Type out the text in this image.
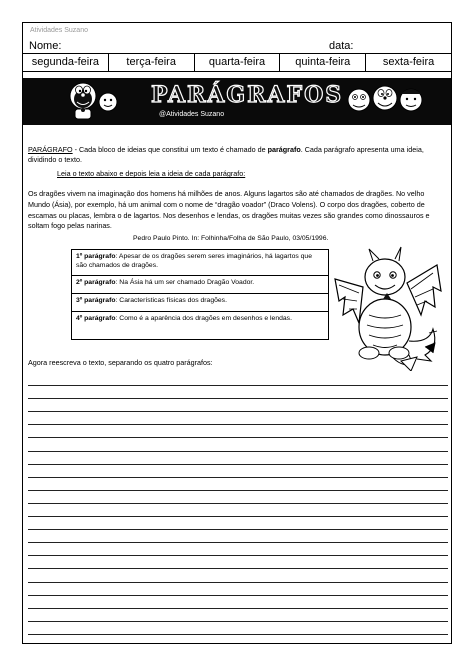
Atividades Suzano
Nome:	data:
segunda-feira	terça-feira	quarta-feira	quinta-feira	sexta-feira
PARÁGRAFOS
@Atividades Suzano
PARÁGRAFO - Cada bloco de ideias que constitui um texto é chamado de parágrafo. Cada parágrafo apresenta uma ideia, dividindo o texto.
Leia o texto abaixo e depois leia a ideia de cada parágrafo:
Os dragões vivem na imaginação dos homens há milhões de anos. Alguns lagartos são até chamados de dragões. No velho Mundo (Ásia), por exemplo, há um animal com o nome de “dragão voador” (Draco Volens). O corpo dos dragões, coberto de escamas ou placas, lembra o de lagartos. Nos desenhos e lendas, os dragões muitas vezes são grandes como dinossauros e soltam fogo pelas narinas.
Pedro Paulo Pinto. In: Folhinha/Folha de São Paulo, 03/05/1996.
1º parágrafo: Apesar de os dragões serem seres imaginários, há lagartos que são chamados de dragões.
2º parágrafo: Na Ásia há um ser chamado Dragão Voador.
3º parágrafo: Características físicas dos dragões.
4º parágrafo: Como é a aparência dos dragões em desenhos e lendas.
Agora reescreva o texto, separando os quatro parágrafos:
